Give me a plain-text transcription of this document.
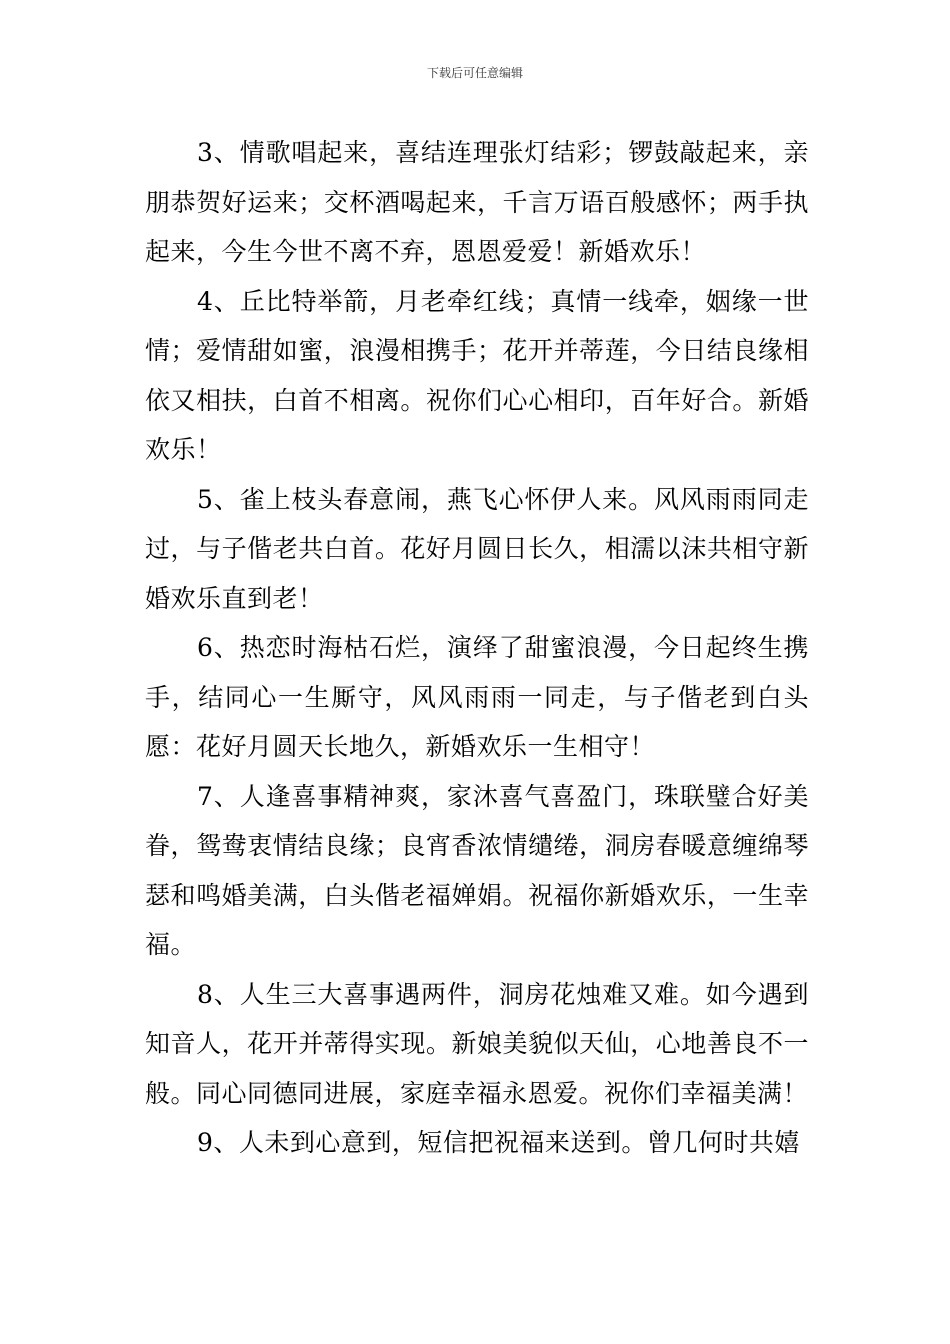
下载后可任意编辑

3、情歌唱起来，喜结连理张灯结彩；锣鼓敲起来，亲朋恭贺好运来；交杯酒喝起来，千言万语百般感怀；两手执起来，今生今世不离不弃，恩恩爱爱！新婚欢乐！

4、丘比特举箭，月老牵红线；真情一线牵，姻缘一世情；爱情甜如蜜，浪漫相携手；花开并蒂莲，今日结良缘相依又相扶，白首不相离。祝你们心心相印，百年好合。新婚欢乐！

5、雀上枝头春意闹，燕飞心怀伊人来。风风雨雨同走过，与子偕老共白首。花好月圆日长久，相濡以沫共相守新婚欢乐直到老！

6、热恋时海枯石烂，演绎了甜蜜浪漫，今日起终生携手，结同心一生厮守，风风雨雨一同走，与子偕老到白头愿：花好月圆天长地久，新婚欢乐一生相守！

7、人逢喜事精神爽，家沐喜气喜盈门，珠联璧合好美眷，鸳鸯衷情结良缘；良宵香浓情缱绻，洞房春暖意缠绵琴瑟和鸣婚美满，白头偕老福婵娟。祝福你新婚欢乐，一生幸福。

8、人生三大喜事遇两件，洞房花烛难又难。如今遇到知音人，花开并蒂得实现。新娘美貌似天仙，心地善良不一般。同心同德同进展，家庭幸福永恩爱。祝你们幸福美满！

9、人未到心意到，短信把祝福来送到。曾几何时共嬉
